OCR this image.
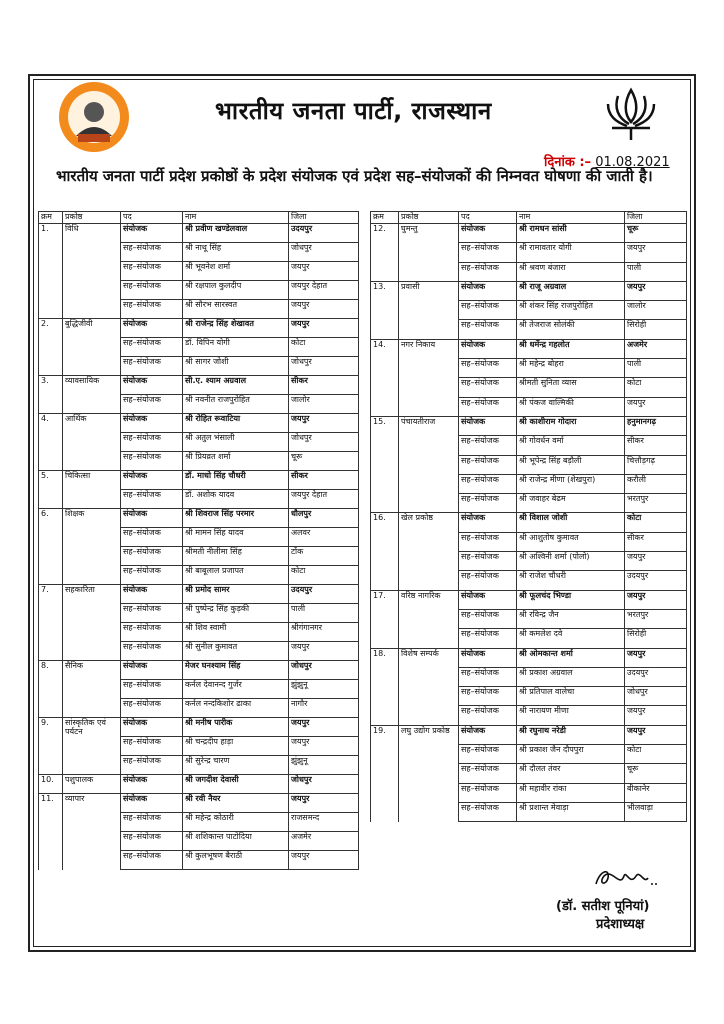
भारतीय जनता पार्टी, राजस्थान
दिनांक :– 01.08.2021
भारतीय जनता पार्टी प्रदेश प्रकोष्ठों के प्रदेश संयोजक एवं प्रदेश सह–संयोजकों की निम्नवत घोषणा की जाती है।
क्रम	प्रकोष्ठ	पद	नाम	जिला
1.	विधि	संयोजक	श्री प्रवीण खण्डेलवाल	उदयपुर
		सह–संयोजक	श्री नाथू सिंह	जोधपुर
		सह–संयोजक	श्री भूवनेश शर्मा	जयपुर
		सह–संयोजक	श्री रक्षपाल कुलदीप	जयपुर देहात
		सह–संयोजक	श्री सौरभ सारस्वत	जयपुर
2.	बुद्धिजीवी	संयोजक	श्री राजेन्द्र सिंह शेखावत	जयपुर
		सह–संयोजक	डॉ. विपिन योगी	कोटा
		सह–संयोजक	श्री सागर जोशी	जोधपुर
3.	व्यावसायिक	संयोजक	सी.ए. श्याम अग्रवाल	सीकर
		सह–संयोजक	श्री नवनीत राजपुरोहित	जालोर
4.	आर्थिक	संयोजक	श्री रोहित रूवाटिया	जयपुर
		सह–संयोजक	श्री अतुल भंसाली	जोधपुर
		सह–संयोजक	श्री प्रियव्रत शर्मा	चूरू
5.	चिकित्सा	संयोजक	डॉ. माधो सिंह चौधरी	सीकर
		सह–संयोजक	डॉ. अशोक यादव	जयपुर देहात
6.	शिक्षक	संयोजक	श्री शिवराज सिंह परमार	धौलपुर
		सह–संयोजक	श्री मामन सिंह यादव	अलवर
		सह–संयोजक	श्रीमती नीलीमा सिंह	टोंक
		सह–संयोजक	श्री बाबूलाल प्रजापत	कोटा
7.	सहकारिता	संयोजक	श्री प्रमोद सामर	उदयपुर
		सह–संयोजक	श्री पुष्पेन्द्र सिंह कुड़की	पाली
		सह–संयोजक	श्री शिव स्वामी	श्रीगंगानगर
		सह–संयोजक	श्री सुनील कुमावत	जयपुर
8.	सैनिक	संयोजक	मेजर घनश्याम सिंह	जोधपुर
		सह–संयोजक	कर्नल देवानन्द गुर्जर	झुंझुनू
		सह–संयोजक	कर्नल नन्दकिशोर ढाका	नागौर
9.	सांस्कृतिक एवं पर्यटन	संयोजक	श्री मनीष पारीक	जयपुर
		सह–संयोजक	श्री चन्द्रदीप हाड़ा	जयपुर
		सह–संयोजक	श्री सुरेन्द्र चारण	झुंझुनू
10.	पशुपालक	संयोजक	श्री जगदीश देवासी	जोधपुर
11.	व्यापार	संयोजक	श्री रवी नैयर	जयपुर
		सह–संयोजक	श्री महेन्द्र कोठारी	राजसमन्द
		सह–संयोजक	श्री शशिकान्त पाटोदिया	अजमेर
		सह–संयोजक	श्री कुलभूषण बैराठी	जयपुर
क्रम	प्रकोष्ठ	पद	नाम	जिला
12.	घुमन्तु	संयोजक	श्री रामधन सांसी	चूरू
		सह–संयोजक	श्री रामावतार योगी	जयपुर
		सह–संयोजक	श्री श्रवण बंजारा	पाली
13.	प्रवासी	संयोजक	श्री राजू अग्रवाल	जयपुर
		सह–संयोजक	श्री शंकर सिंह राजपुरोहित	जालोर
		सह–संयोजक	श्री तेजराज सोलंकी	सिरोही
14.	नगर निकाय	संयोजक	श्री धर्मेन्द्र गहलोत	अजमेर
		सह–संयोजक	श्री महेन्द्र बोहरा	पाली
		सह–संयोजक	श्रीमती सुनिता व्यास	कोटा
		सह–संयोजक	श्री पंकज वाल्मिकी	जयपुर
15.	पंचायतीराज	संयोजक	श्री काशीराम गोदारा	हनुमानगढ़
		सह–संयोजक	श्री गोवर्धन वर्मा	सीकर
		सह–संयोजक	श्री भूपेन्द्र सिंह बड़ौली	चित्तौड़गढ़
		सह–संयोजक	श्री राजेन्द्र मीणा (शेखपुरा)	करौली
		सह–संयोजक	श्री जवाहर बेढम	भरतपुर
16.	खेल प्रकोष्ठ	संयोजक	श्री विशाल जोशी	कोटा
		सह–संयोजक	श्री आशुतोष कुमावत	सीकर
		सह–संयोजक	श्री अश्विनी शर्मा (पोलो)	जयपुर
		सह–संयोजक	श्री राजेश चौधरी	उदयपुर
17.	वरिष्ठ नागरिक	संयोजक	श्री फूलचंद भिण्डा	जयपुर
		सह–संयोजक	श्री रविन्द्र जैन	भरतपुर
		सह–संयोजक	श्री कमलेश दवे	सिरोही
18.	विशेष सम्पर्क	संयोजक	श्री ओमकान्त शर्मा	जयपुर
		सह–संयोजक	श्री प्रकाश अग्रवाल	उदयपुर
		सह–संयोजक	श्री प्रतिपाल वालेचा	जोधपुर
		सह–संयोजक	श्री नारायण मीणा	जयपुर
19.	लघु उद्योग प्रकोष्ठ	संयोजक	श्री रघुनाथ नरेडी	जयपुर
		सह–संयोजक	श्री प्रकाश जैन दौपपुरा	कोटा
		सह–संयोजक	श्री दौलत तंवर	चूरू
		सह–संयोजक	श्री महावीर रांका	बीकानेर
		सह–संयोजक	श्री प्रशान्त मेवाड़ा	भीलवाड़ा
(डॉ. सतीश पूनियां)
प्रदेशाध्यक्ष
